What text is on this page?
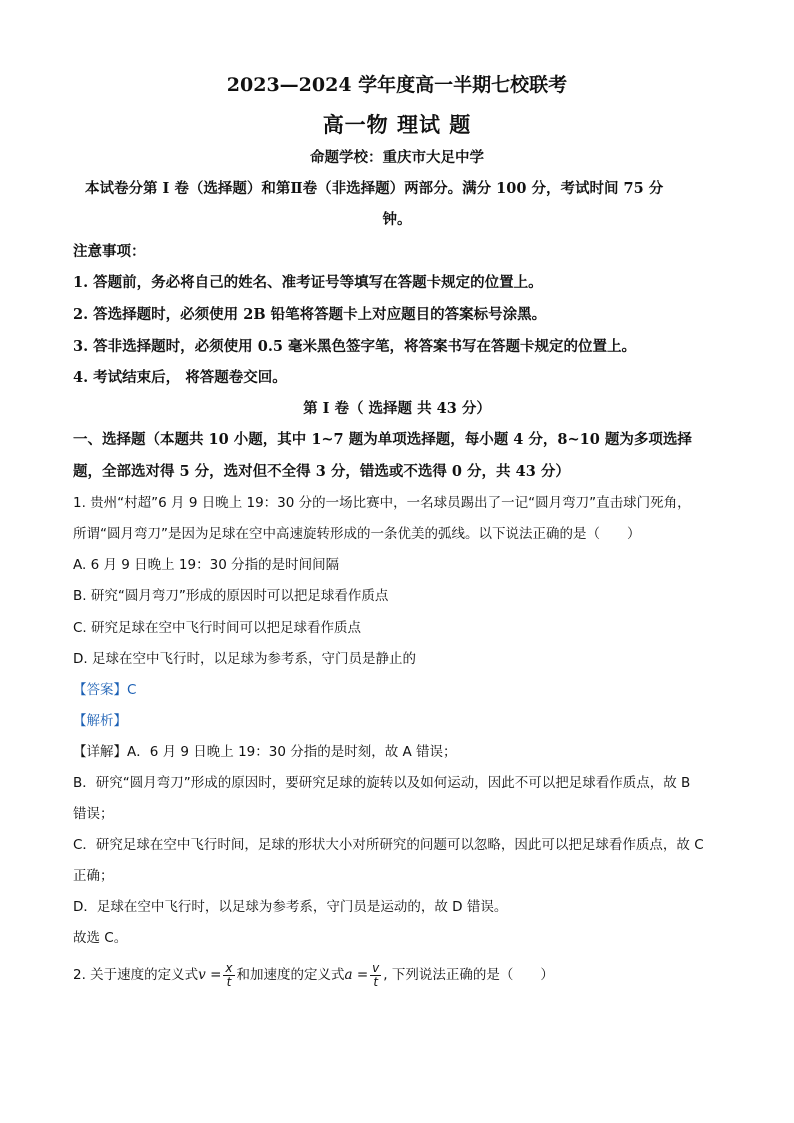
2023—2024 学年度高一半期七校联考
高一物 理试 题
命题学校：重庆市大足中学
本试卷分第 I 卷（选择题）和第Ⅱ卷（非选择题）两部分。满分 100 分，考试时间 75 分
钟。
注意事项：
1. 答题前，务必将自己的姓名、准考证号等填写在答题卡规定的位置上。
2. 答选择题时，必须使用 2B 铅笔将答题卡上对应题目的答案标号涂黑。
3. 答非选择题时，必须使用 0.5 毫米黑色签字笔，将答案书写在答题卡规定的位置上。
4. 考试结束后， 将答题卷交回。
第 I 卷（ 选择题 共 43 分）
一、选择题（本题共 10 小题，其中 1~7 题为单项选择题，每小题 4 分，8~10 题为多项选择
题，全部选对得 5 分，选对但不全得 3 分，错选或不选得 0 分，共 43 分）
1. 贵州“村超”6 月 9 日晚上 19：30 分的一场比赛中，一名球员踢出了一记“圆月弯刀”直击球门死角，
所谓“圆月弯刀”是因为足球在空中高速旋转形成的一条优美的弧线。以下说法正确的是（　　）
A. 6 月 9 日晚上 19：30 分指的是时间间隔
B. 研究“圆月弯刀”形成的原因时可以把足球看作质点
C. 研究足球在空中飞行时间可以把足球看作质点
D. 足球在空中飞行时，以足球为参考系，守门员是静止的
【答案】C
【解析】
【详解】A．6 月 9 日晚上 19：30 分指的是时刻，故 A 错误；
B．研究“圆月弯刀”形成的原因时，要研究足球的旋转以及如何运动，因此不可以把足球看作质点，故 B
错误；
C．研究足球在空中飞行时间，足球的形状大小对所研究的问题可以忽略，因此可以把足球看作质点，故 C
正确；
D．足球在空中飞行时，以足球为参考系，守门员是运动的，故 D 错误。
故选 C。
2. 关于速度的定义式$v = \frac{x}{t}$ 和加速度的定义式$a = \frac{v}{t}$ , 下列说法正确的是（　　）
